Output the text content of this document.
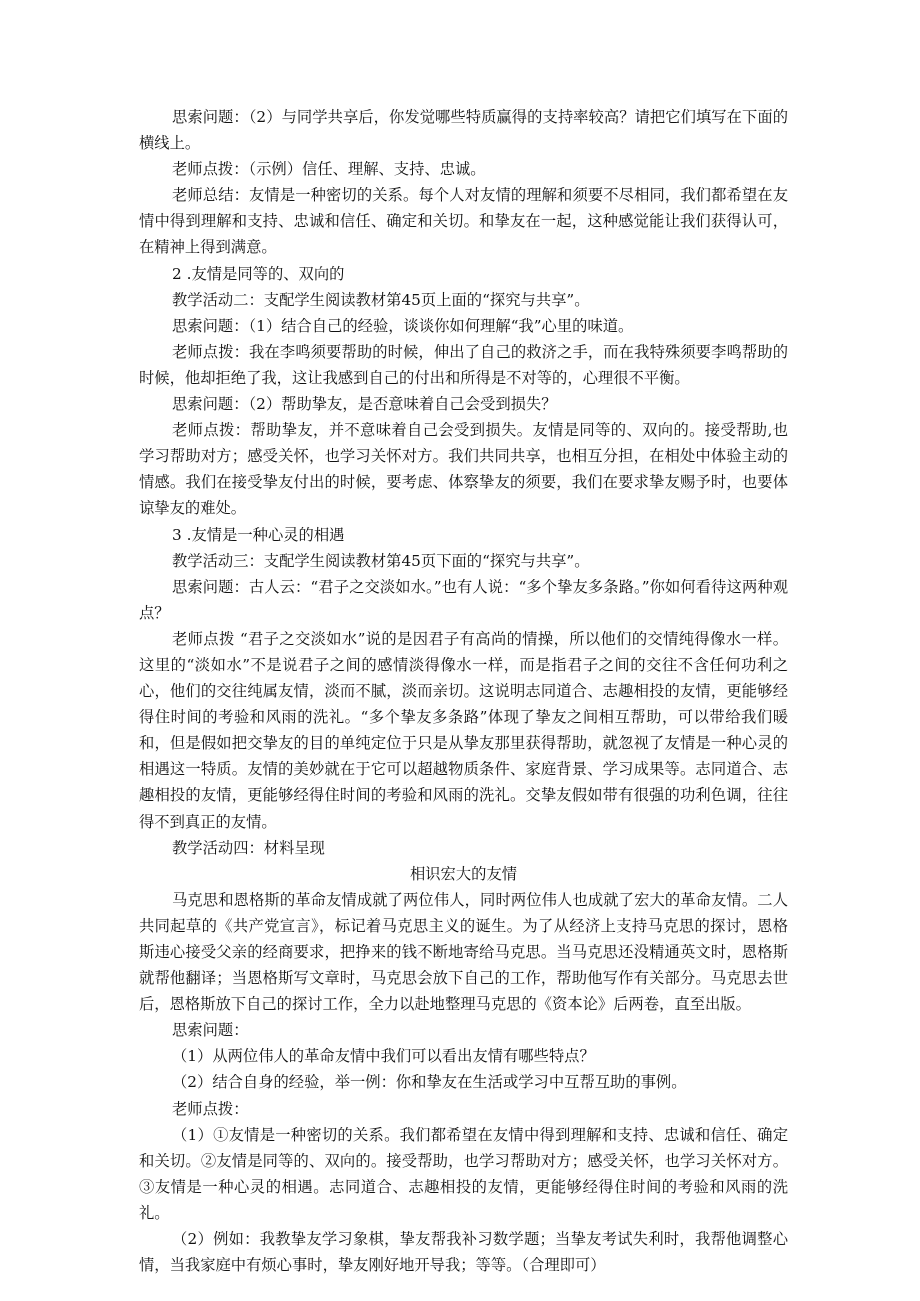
思索问题：（2）与同学共享后，你发觉哪些特质赢得的支持率较高？请把它们填写在下面的横线上。

老师点拨：（示例）信任、理解、支持、忠诚。

老师总结：友情是一种密切的关系。每个人对友情的理解和须要不尽相同，我们都希望在友情中得到理解和支持、忠诚和信任、确定和关切。和挚友在一起，这种感觉能让我们获得认可，在精神上得到满意。

2 .友情是同等的、双向的

教学活动二：支配学生阅读教材第45页上面的“探究与共享”。

思索问题：（1）结合自己的经验，谈谈你如何理解“我”心里的味道。

老师点拨：我在李鸣须要帮助的时候，伸出了自己的救济之手，而在我特殊须要李鸣帮助的时候，他却拒绝了我，这让我感到自己的付出和所得是不对等的，心理很不平衡。

思索问题：（2）帮助挚友，是否意味着自己会受到损失？

老师点拨：帮助挚友，并不意味着自己会受到损失。友情是同等的、双向的。接受帮助,也学习帮助对方；感受关怀，也学习关怀对方。我们共同共享，也相互分担，在相处中体验主动的情感。我们在接受挚友付出的时候，要考虑、体察挚友的须要，我们在要求挚友赐予时，也要体谅挚友的难处。

3 .友情是一种心灵的相遇

教学活动三：支配学生阅读教材第45页下面的“探究与共享”。

思索问题：古人云：“君子之交淡如水。”也有人说：“多个挚友多条路。”你如何看待这两种观点？

老师点拨 “君子之交淡如水”说的是因君子有高尚的情操，所以他们的交情纯得像水一样。这里的“淡如水”不是说君子之间的感情淡得像水一样，而是指君子之间的交往不含任何功利之心，他们的交往纯属友情，淡而不腻，淡而亲切。这说明志同道合、志趣相投的友情，更能够经得住时间的考验和风雨的洗礼。“多个挚友多条路”体现了挚友之间相互帮助，可以带给我们暖和，但是假如把交挚友的目的单纯定位于只是从挚友那里获得帮助，就忽视了友情是一种心灵的相遇这一特质。友情的美妙就在于它可以超越物质条件、家庭背景、学习成果等。志同道合、志趣相投的友情，更能够经得住时间的考验和风雨的洗礼。交挚友假如带有很强的功利色调，往往得不到真正的友情。

教学活动四：材料呈现

相识宏大的友情

马克思和恩格斯的革命友情成就了两位伟人，同时两位伟人也成就了宏大的革命友情。二人共同起草的《共产党宣言》，标记着马克思主义的诞生。为了从经济上支持马克思的探讨，恩格斯违心接受父亲的经商要求，把挣来的钱不断地寄给马克思。当马克思还没精通英文时，恩格斯就帮他翻译；当恩格斯写文章时，马克思会放下自己的工作，帮助他写作有关部分。马克思去世后，恩格斯放下自己的探讨工作，全力以赴地整理马克思的《资本论》后两卷，直至出版。

思索问题：

（1）从两位伟人的革命友情中我们可以看出友情有哪些特点？

（2）结合自身的经验，举一例：你和挚友在生活或学习中互帮互助的事例。

老师点拨：

（1）①友情是一种密切的关系。我们都希望在友情中得到理解和支持、忠诚和信任、确定和关切。②友情是同等的、双向的。接受帮助，也学习帮助对方；感受关怀，也学习关怀对方。③友情是一种心灵的相遇。志同道合、志趣相投的友情，更能够经得住时间的考验和风雨的洗礼。

（2）例如：我教挚友学习象棋，挚友帮我补习数学题；当挚友考试失利时，我帮他调整心情，当我家庭中有烦心事时，挚友刚好地开导我；等等。（合理即可）
